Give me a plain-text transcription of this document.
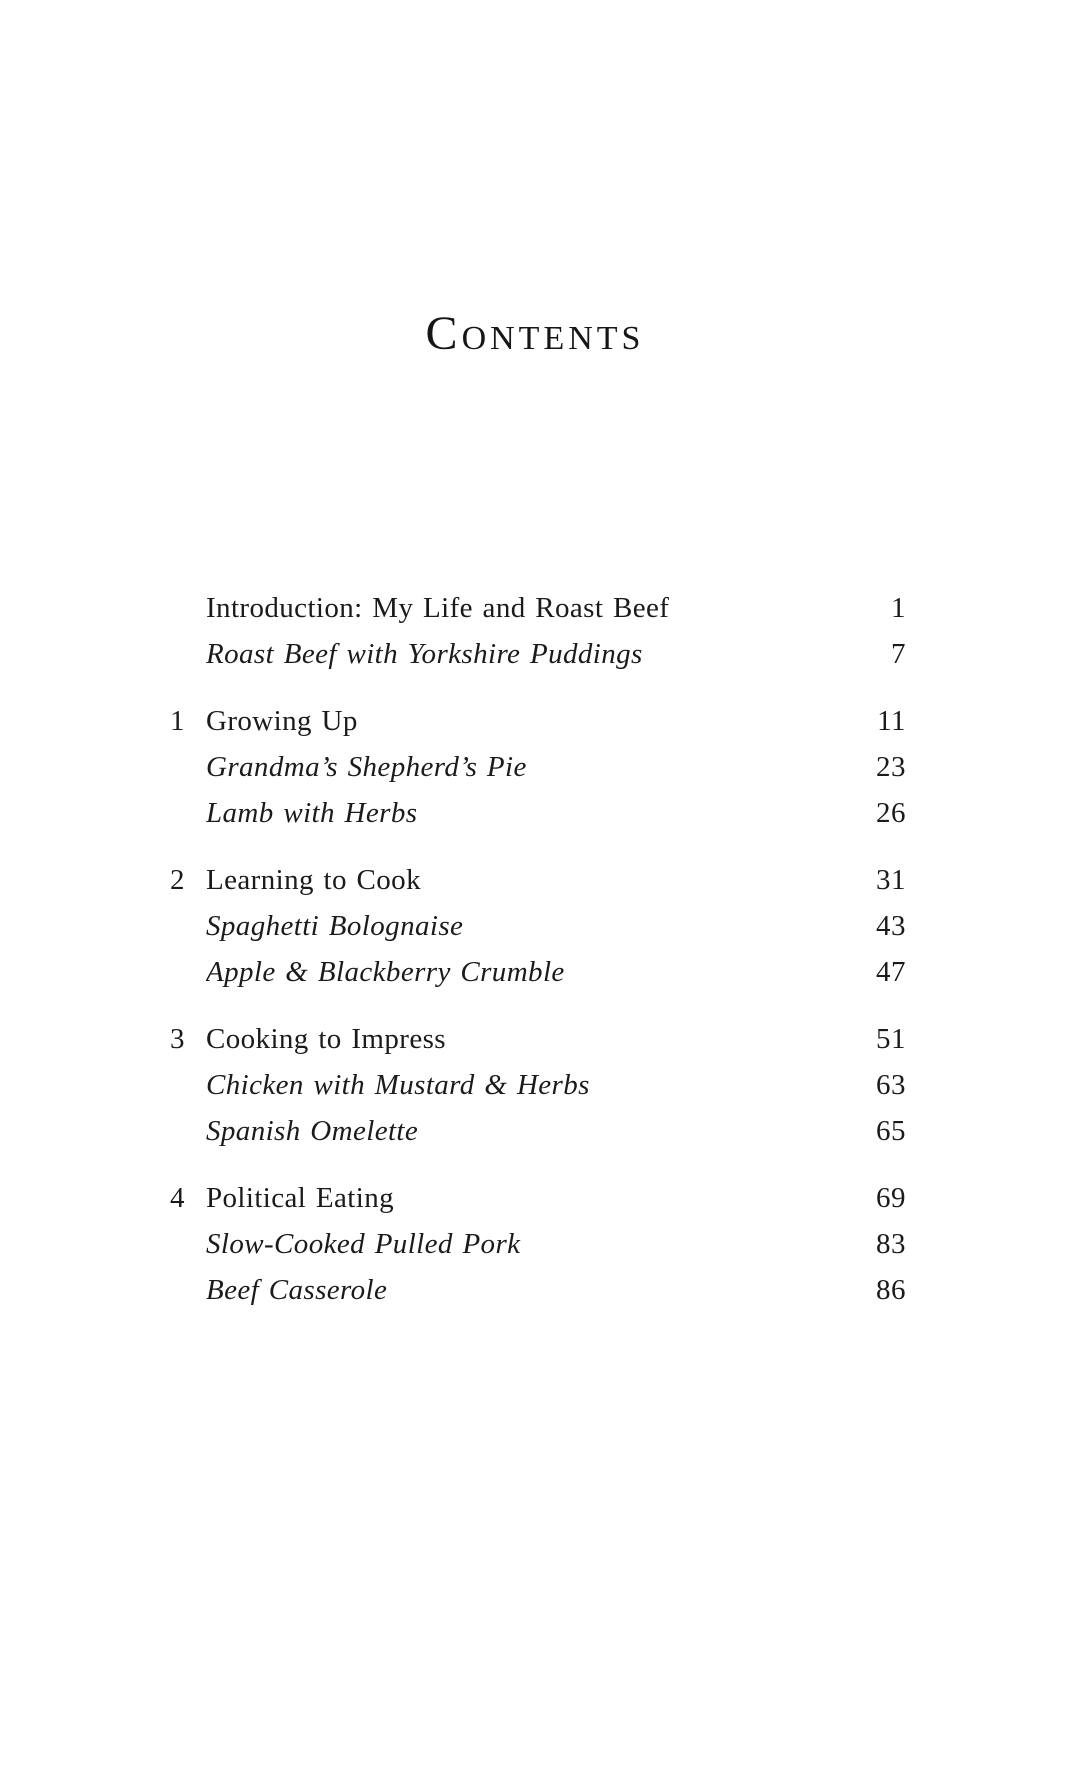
Contents
Introduction: My Life and Roast Beef	1
Roast Beef with Yorkshire Puddings	7
1 Growing Up	11
Grandma’s Shepherd’s Pie	23
Lamb with Herbs	26
2 Learning to Cook	31
Spaghetti Bolognaise	43
Apple & Blackberry Crumble	47
3 Cooking to Impress	51
Chicken with Mustard & Herbs	63
Spanish Omelette	65
4 Political Eating	69
Slow-Cooked Pulled Pork	83
Beef Casserole	86
